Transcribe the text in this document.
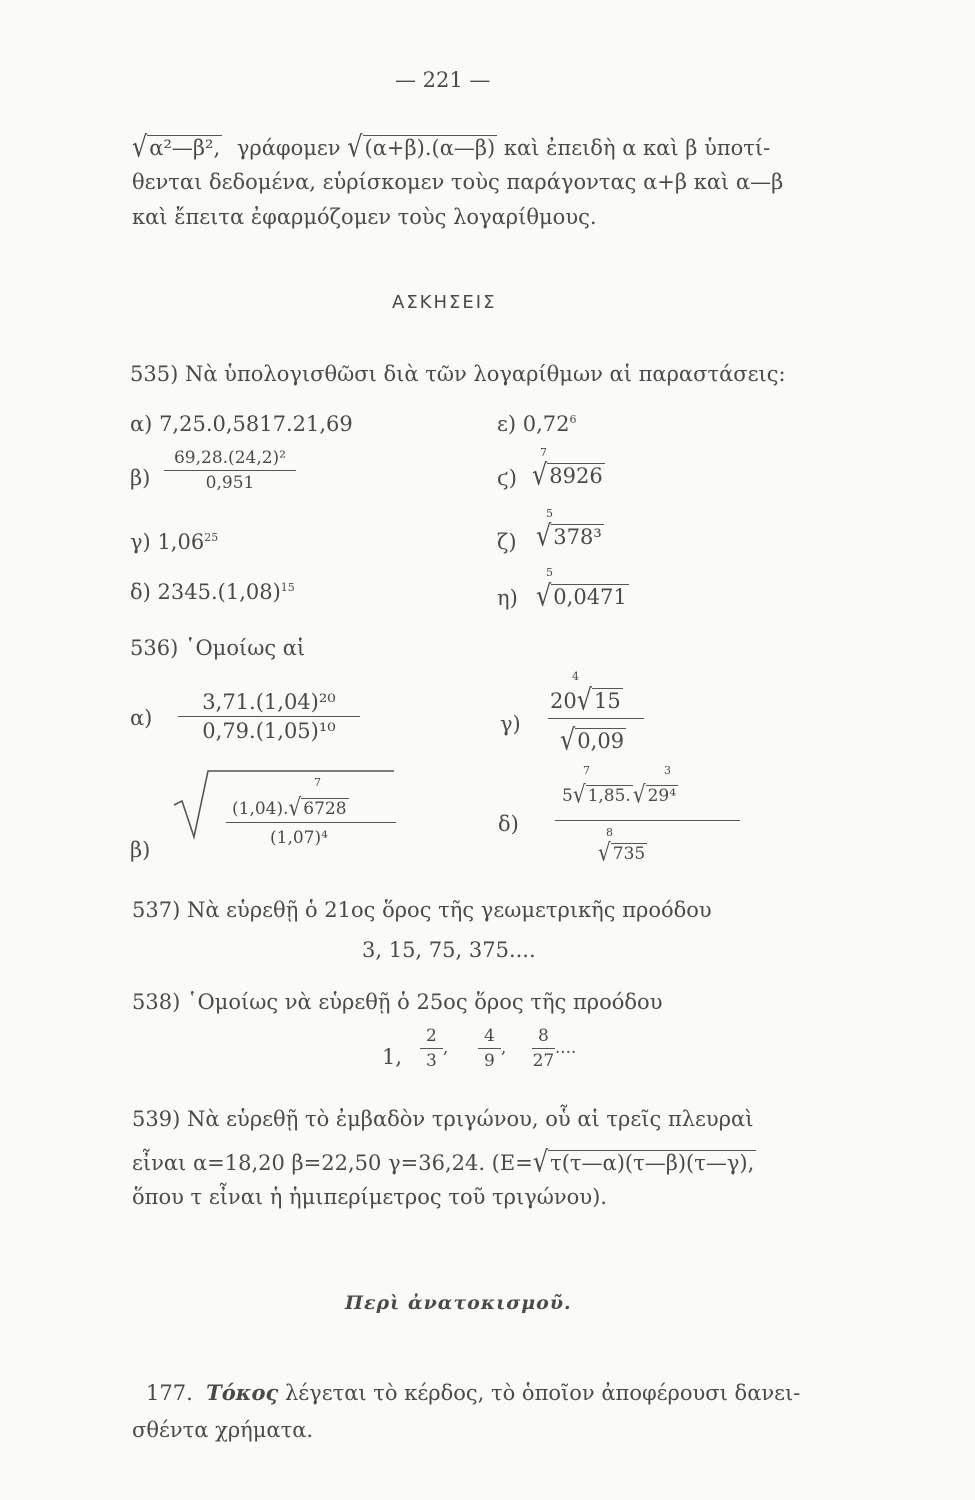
— 221 —
√α²—β², γράφομεν √(α+β).(α—β) καὶ ἐπειδὴ α καὶ β ὑποτί-
θενται δεδομένα, εὑρίσκομεν τοὺς παράγοντας α+β καὶ α—β
καὶ ἔπειτα ἐφαρμόζομεν τοὺς λογαρίθμους.
ΑΣΚΗΣΕΙΣ
535) Νὰ ὑπολογισθῶσι διὰ τῶν λογαρίθμων αἱ παραστάσεις:
α) 7,25.0,5817.21,69	ε) 0,72$^6$
$\beta) \frac{\text{69,28.(24,2)²}}{0,951}$	ϛ)
7
√8926
γ) 1,06$^{25}$	ζ)
5
√378³
δ) $2345.(1,08)^{15}$	η)
5
√0,0471
536) ῾Ομοίως αἱ
$\alpha) \frac{\text{3,71.(1,04)²⁰}}{\text{0,79.(1,05)¹⁰}}$	γ)
4
20√15
√0,09
7
(1,04).√ 6728
(1,07)⁴
β)
δ)
7	3
5√ 1,85. √ 29⁴
8
√ 735
537) Νὰ εὑρεθῇ ὁ 21ος ὅρος τῆς γεωμετρικῆς προόδου
3, 15, 75, 375....
538) ῾Ομοίως νὰ εὑρεθῇ ὁ 25ος ὅρος τῆς προόδου
1, $\frac{2}{3}$ , $\frac{4}{9}$ , $\frac{8}{27}$ ....
539) Νὰ εὑρεθῇ τὸ ἐμβαδὸν τριγώνου, οὗ αἱ τρεῖς πλευραὶ
εἶναι α=18,20 β=22,50 γ=36,24. (Ε=√τ(τ—α)(τ—β)(τ—γ),
ὅπου τ εἶναι ἡ ἡμιπερίμετρος τοῦ τριγώνου).
Περὶ ἀνατοκισμοῦ.
177. Τόκος λέγεται τὸ κέρδος, τὸ ὁποῖον ἀποφέρουσι δανει-
σθέντα χρήματα.
